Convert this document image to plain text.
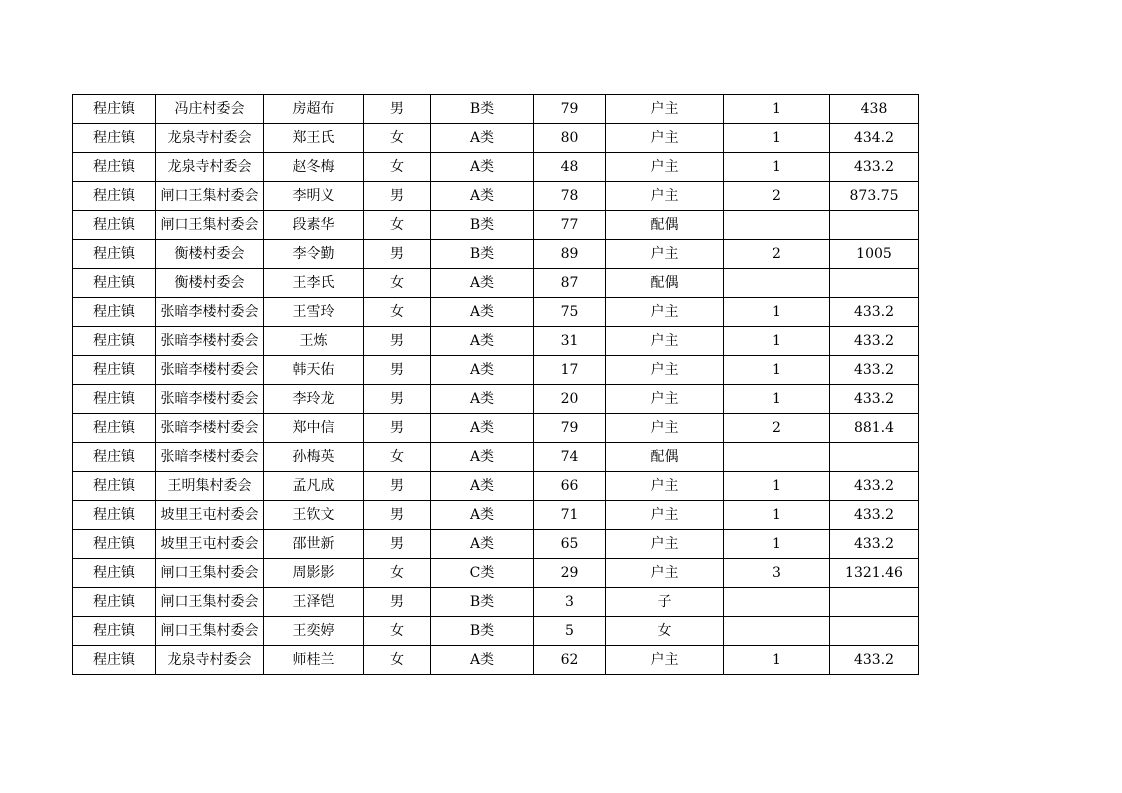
程庄镇	冯庄村委会	房超布	男	B类	79	户主	1	438
程庄镇	龙泉寺村委会	郑王氏	女	A类	80	户主	1	434.2
程庄镇	龙泉寺村委会	赵冬梅	女	A类	48	户主	1	433.2
程庄镇	闸口王集村委会	李明义	男	A类	78	户主	2	873.75
程庄镇	闸口王集村委会	段素华	女	B类	77	配偶		
程庄镇	衡楼村委会	李令勤	男	B类	89	户主	2	1005
程庄镇	衡楼村委会	王李氏	女	A类	87	配偶		
程庄镇	张暗李楼村委会	王雪玲	女	A类	75	户主	1	433.2
程庄镇	张暗李楼村委会	王炼	男	A类	31	户主	1	433.2
程庄镇	张暗李楼村委会	韩天佑	男	A类	17	户主	1	433.2
程庄镇	张暗李楼村委会	李玲龙	男	A类	20	户主	1	433.2
程庄镇	张暗李楼村委会	郑中信	男	A类	79	户主	2	881.4
程庄镇	张暗李楼村委会	孙梅英	女	A类	74	配偶		
程庄镇	王明集村委会	孟凡成	男	A类	66	户主	1	433.2
程庄镇	坡里王屯村委会	王钦文	男	A类	71	户主	1	433.2
程庄镇	坡里王屯村委会	邵世新	男	A类	65	户主	1	433.2
程庄镇	闸口王集村委会	周影影	女	C类	29	户主	3	1321.46
程庄镇	闸口王集村委会	王泽铠	男	B类	3	子		
程庄镇	闸口王集村委会	王奕婷	女	B类	5	女		
程庄镇	龙泉寺村委会	师桂兰	女	A类	62	户主	1	433.2
